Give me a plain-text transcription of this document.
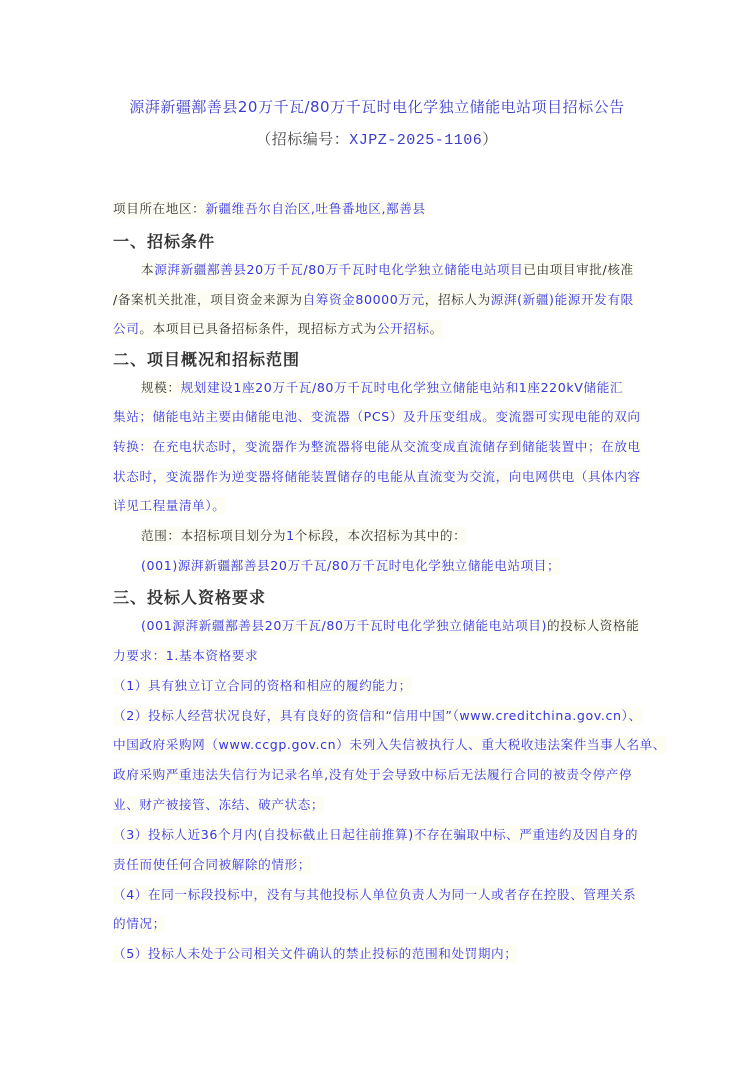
源湃新疆鄯善县20万千瓦/80万千瓦时电化学独立储能电站项目招标公告
（招标编号：XJPZ-2025-1106）
项目所在地区：新疆维吾尔自治区,吐鲁番地区,鄯善县
一、招标条件
本源湃新疆鄯善县20万千瓦/80万千瓦时电化学独立储能电站项目已由项目审批/核准
/备案机关批准，项目资金来源为自筹资金80000万元，招标人为源湃(新疆)能源开发有限
公司。本项目已具备招标条件，现招标方式为公开招标。
二、项目概况和招标范围
规模：规划建设1座20万千瓦/80万千瓦时电化学独立储能电站和1座220kV储能汇
集站；储能电站主要由储能电池、变流器（PCS）及升压变组成。变流器可实现电能的双向
转换：在充电状态时，变流器作为整流器将电能从交流变成直流储存到储能装置中；在放电
状态时，变流器作为逆变器将储能装置储存的电能从直流变为交流，向电网供电（具体内容
详见工程量清单）。
范围：本招标项目划分为1个标段，本次招标为其中的：
(001)源湃新疆鄯善县20万千瓦/80万千瓦时电化学独立储能电站项目；
三、投标人资格要求
(001源湃新疆鄯善县20万千瓦/80万千瓦时电化学独立储能电站项目)的投标人资格能
力要求：1.基本资格要求
（1）具有独立订立合同的资格和相应的履约能力；
（2）投标人经营状况良好，具有良好的资信和“信用中国”（www.creditchina.gov.cn）、
中国政府采购网（www.ccgp.gov.cn）未列入失信被执行人、重大税收违法案件当事人名单、
政府采购严重违法失信行为记录名单,没有处于会导致中标后无法履行合同的被责令停产停
业、财产被接管、冻结、破产状态；
（3）投标人近36个月内(自投标截止日起往前推算)不存在骗取中标、严重违约及因自身的
责任而使任何合同被解除的情形；
（4）在同一标段投标中，没有与其他投标人单位负责人为同一人或者存在控股、管理关系
的情况；
（5）投标人未处于公司相关文件确认的禁止投标的范围和处罚期内；
